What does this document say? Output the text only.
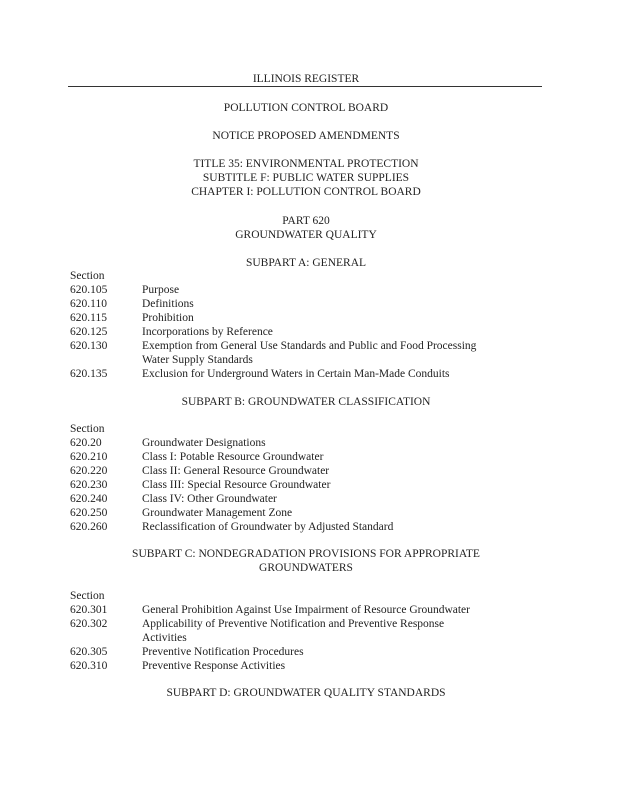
ILLINOIS REGISTER
POLLUTION CONTROL BOARD
NOTICE PROPOSED AMENDMENTS
TITLE 35: ENVIRONMENTAL PROTECTION
SUBTITLE F: PUBLIC WATER SUPPLIES
CHAPTER I: POLLUTION CONTROL BOARD
PART 620
GROUNDWATER QUALITY
SUBPART A: GENERAL
Section
620.105	Purpose
620.110	Definitions
620.115	Prohibition
620.125	Incorporations by Reference
620.130	Exemption from General Use Standards and Public and Food Processing
Water Supply Standards
620.135	Exclusion for Underground Waters in Certain Man-Made Conduits
SUBPART B: GROUNDWATER CLASSIFICATION
Section
620.20	Groundwater Designations
620.210	Class I: Potable Resource Groundwater
620.220	Class II: General Resource Groundwater
620.230	Class III: Special Resource Groundwater
620.240	Class IV: Other Groundwater
620.250	Groundwater Management Zone
620.260	Reclassification of Groundwater by Adjusted Standard
SUBPART C: NONDEGRADATION PROVISIONS FOR APPROPRIATE
GROUNDWATERS
Section
620.301	General Prohibition Against Use Impairment of Resource Groundwater
620.302	Applicability of Preventive Notification and Preventive Response
Activities
620.305	Preventive Notification Procedures
620.310	Preventive Response Activities
SUBPART D: GROUNDWATER QUALITY STANDARDS
